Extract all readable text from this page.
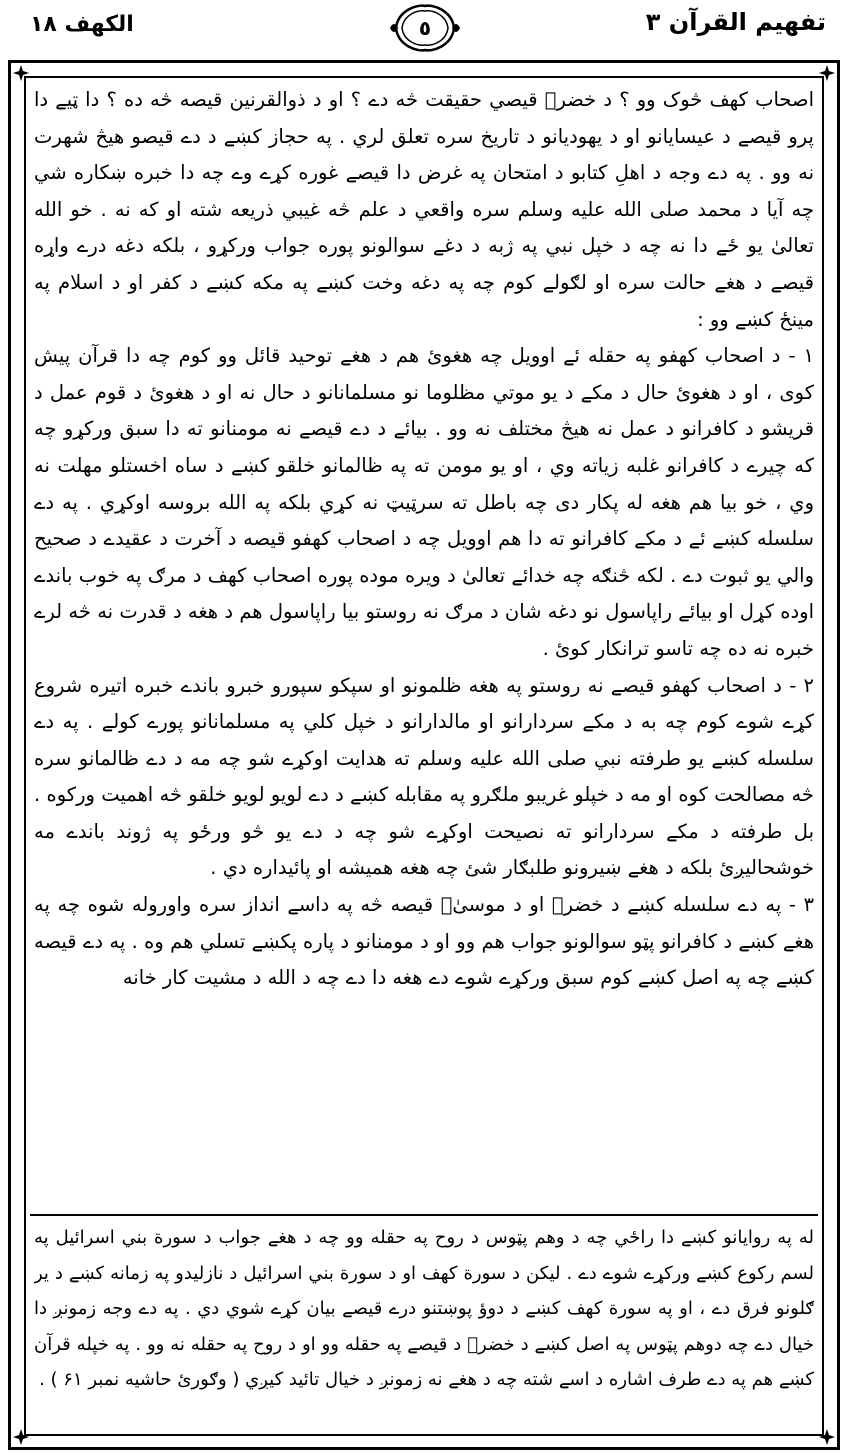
تفهيم القرآن ٣
٥
الكهف ١٨

اصحاب کهف څوک وو ؟ د خضرؑ قيصي حقيقت څه دے ؟ او د ذوالقرنين قيصه څه ده ؟ دا ټيے دا پرو قيصے د عيسايانو او د يهوديانو د تاريخ سره تعلق لري . په حجاز کښے د دے قيصو هيڅ شهرت نه وو . په دے وجه د اهلِ کتابو د امتحان په غرض دا قيصے غوره کړے وے چه دا خبره ښکاره شي چه آيا د محمد صلی الله عليه وسلم سره واقعي د علم څه غيبي ذريعه شته او که نه . خو الله تعالیٰ يو ځے دا نه چه د خپل نبي په ژبه د دغے سوالونو پوره جواب ورکړو ، بلکه دغه درے واړه قيصے د هغے حالت سره او لګولے کوم چه په دغه وخت کښے په مکه کښے د کفر او د اسلام په مينځ کښے وو :

۱ - د اصحاب کهفو په حقله ئے اوويل چه هغوئ هم د هغے توحيد قائل وو کوم چه دا قرآن پيش کوی ، او د هغوئ حال د مکے د يو موتي مظلوما نو مسلمانانو د حال نه او د هغوئ د قوم عمل د قريشو د کافرانو د عمل نه هيڅ مختلف نه وو . بيائے د دے قيصے نه مومنانو ته دا سبق ورکړو چه که چيرے د کافرانو غلبه زياته وي ، او يو مومن ته په ظالمانو خلقو کښے د ساه اخستلو مهلت نه وي ، خو بيا هم هغه له پکار دی چه باطل ته سرټيټ نه کړي بلکه په الله بروسه اوکړي . په دے سلسله کښے ئے د مکے کافرانو ته دا هم اوويل چه د اصحاب کهفو قيصه د آخرت د عقيدے د صحيح والي يو ثبوت دے . لکه څنګه چه خدائے تعالیٰ د ويره موده پوره اصحاب کهف د مرګ په خوب باندے اوده کړل او بيائے راپاسول نو دغه شان د مرګ نه روستو بيا راپاسول هم د هغه د قدرت نه څه لرے خبره نه ده چه تاسو ترانکار کوئ .

۲ - د اصحاب کهفو قيصے نه روستو په هغه ظلمونو او سپکو سپورو خبرو باندے خبره اتيره شروع کړے شوے کوم چه به د مکے سردارانو او مالدارانو د خپل کلي په مسلمانانو پورے کولے . په دے سلسله کښے يو طرفته نبي صلی الله عليه وسلم ته هدايت اوکړے شو چه مه د دے ظالمانو سره څه مصالحت کوه او مه د خپلو غريبو ملګرو په مقابله کښے د دے لويو لويو خلقو څه اهميت ورکوه . بل طرفته د مکے سردارانو ته نصيحت اوکړے شو چه د دے يو څو ورځو په ژوند باندے مه خوشحاليږئ بلکه د هغے ښيرونو طلبګار شئ چه هغه هميشه او پائيداره دي .

۳ - په دے سلسله کښے د خضرؑ او د موسیٰؑ قيصه څه په داسے انداز سره واوروله شوه چه په هغے کښے د کافرانو پټو سوالونو جواب هم وو او د مومنانو د پاره پکښے تسلي هم وه . په دے قيصه کښے چه په اصل کښے کوم سبق ورکړے شوے دے هغه دا دے چه د الله د مشيت کار خانه

له په روايانو کښے دا راځي چه د وهم پټوس د روح په حقله وو چه د هغے جواب د سورة بني اسرائيل په لسم رکوع کښے ورکړے شوے دے . ليکن د سورة کهف او د سورة بني اسرائيل د نازليدو په زمانه کښے د ير ګلونو فرق دے ، او په سورة کهف کښے د دوؤ پوښتنو درے قيصے بيان کړے شوي دي . په دے وجه زمونږ دا خيال دے چه دوهم پټوس په اصل کښے د خضرؑ د قيصے په حقله وو او د روح په حقله نه وو . په خپله قرآن کښے هم په دے طرف اشاره د اسے شته چه د هغے نه زمونږ د خيال تائيد کيږي ( وګورئ حاشيه نمبر ۶۱ ) .
